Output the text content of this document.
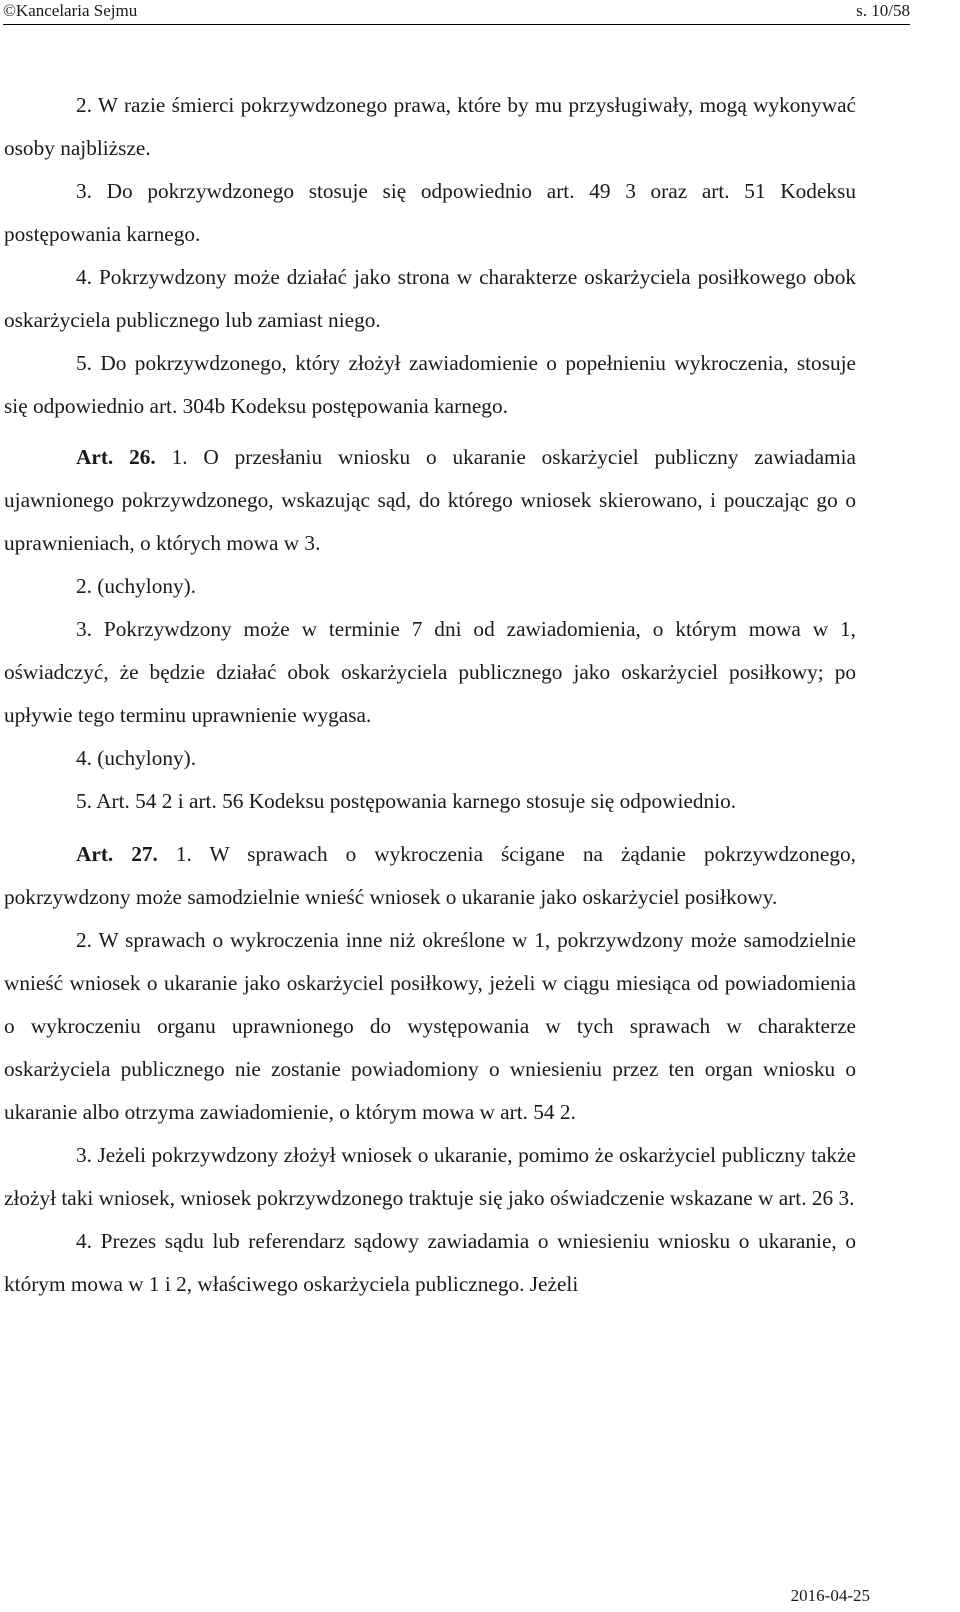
©Kancelaria Sejmu	s. 10/58

2. W razie śmierci pokrzywdzonego prawa, które by mu przysługiwały, mogą wykonywać osoby najbliższe.

3. Do pokrzywdzonego stosuje się odpowiednio art. 49 3 oraz art. 51 Kodeksu postępowania karnego.

4. Pokrzywdzony może działać jako strona w charakterze oskarżyciela posiłkowego obok oskarżyciela publicznego lub zamiast niego.

5. Do pokrzywdzonego, który złożył zawiadomienie o popełnieniu wykroczenia, stosuje się odpowiednio art. 304b Kodeksu postępowania karnego.

Art. 26. 1. O przesłaniu wniosku o ukaranie oskarżyciel publiczny zawiadamia ujawnionego pokrzywdzonego, wskazując sąd, do którego wniosek skierowano, i pouczając go o uprawnieniach, o których mowa w 3.

2. (uchylony).

3. Pokrzywdzony może w terminie 7 dni od zawiadomienia, o którym mowa w 1, oświadczyć, że będzie działać obok oskarżyciela publicznego jako oskarżyciel posiłkowy; po upływie tego terminu uprawnienie wygasa.

4. (uchylony).

5. Art. 54 2 i art. 56 Kodeksu postępowania karnego stosuje się odpowiednio.

Art. 27. 1. W sprawach o wykroczenia ścigane na żądanie pokrzywdzonego, pokrzywdzony może samodzielnie wnieść wniosek o ukaranie jako oskarżyciel posiłkowy.

2. W sprawach o wykroczenia inne niż określone w 1, pokrzywdzony może samodzielnie wnieść wniosek o ukaranie jako oskarżyciel posiłkowy, jeżeli w ciągu miesiąca od powiadomienia o wykroczeniu organu uprawnionego do występowania w tych sprawach w charakterze oskarżyciela publicznego nie zostanie powiadomiony o wniesieniu przez ten organ wniosku o ukaranie albo otrzyma zawiadomienie, o którym mowa w art. 54 2.

3. Jeżeli pokrzywdzony złożył wniosek o ukaranie, pomimo że oskarżyciel publiczny także złożył taki wniosek, wniosek pokrzywdzonego traktuje się jako oświadczenie wskazane w art. 26 3.

4. Prezes sądu lub referendarz sądowy zawiadamia o wniesieniu wniosku o ukaranie, o którym mowa w 1 i 2, właściwego oskarżyciela publicznego. Jeżeli

2016-04-25
